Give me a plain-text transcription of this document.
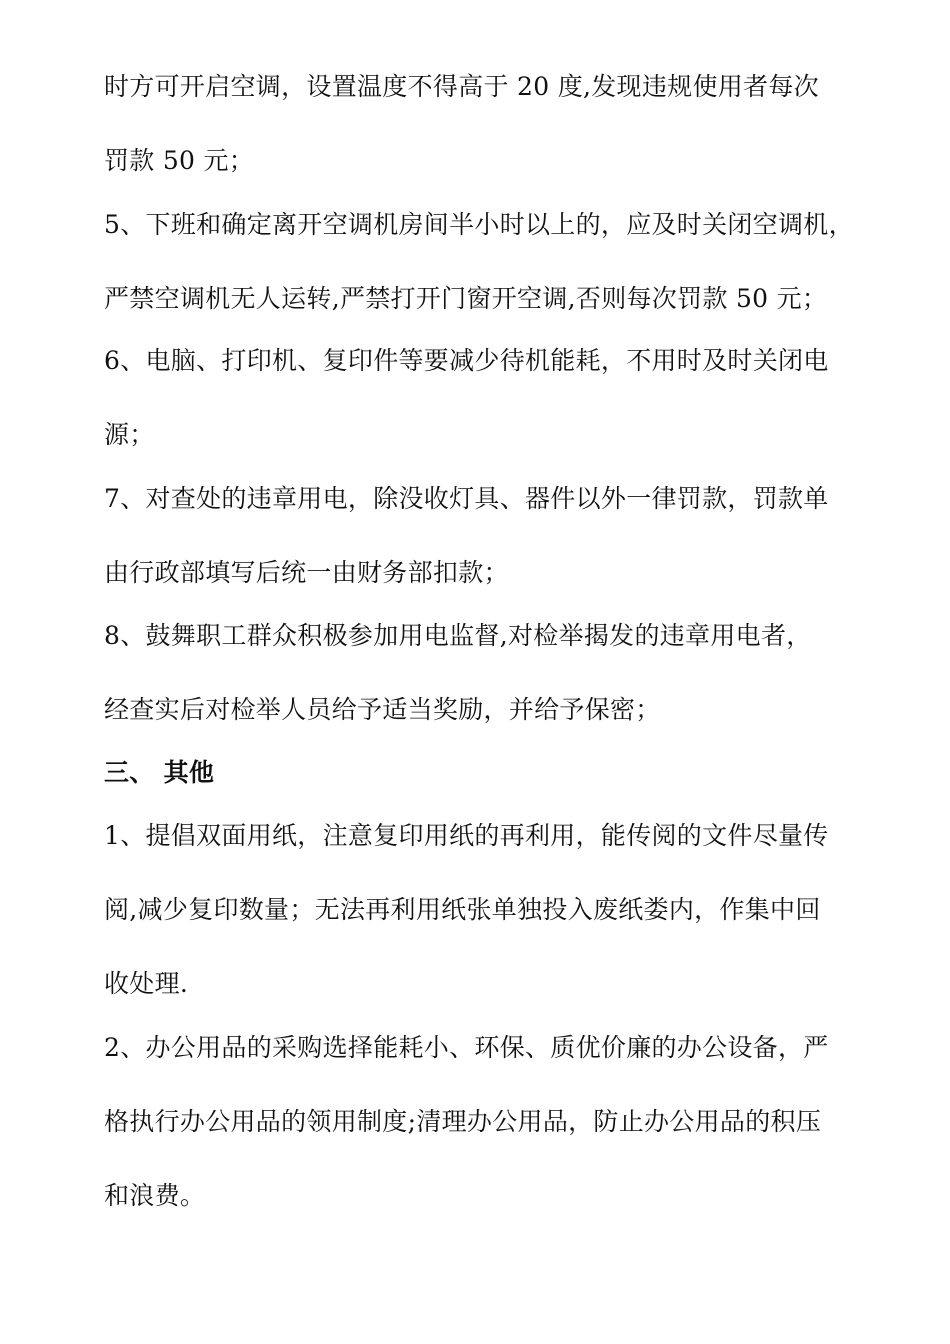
时方可开启空调，设置温度不得高于 20 度,发现违规使用者每次
罚款 50 元；
5、下班和确定离开空调机房间半小时以上的，应及时关闭空调机，
严禁空调机无人运转,严禁打开门窗开空调,否则每次罚款 50 元；
6、电脑、打印机、复印件等要减少待机能耗，不用时及时关闭电
源；
7、对查处的违章用电，除没收灯具、器件以外一律罚款，罚款单
由行政部填写后统一由财务部扣款；
8、鼓舞职工群众积极参加用电监督,对检举揭发的违章用电者，
经查实后对检举人员给予适当奖励，并给予保密；
三、 其他
1、提倡双面用纸，注意复印用纸的再利用，能传阅的文件尽量传
阅,减少复印数量；无法再利用纸张单独投入废纸娄内，作集中回
收处理.
2、办公用品的采购选择能耗小、环保、质优价廉的办公设备，严
格执行办公用品的领用制度;清理办公用品，防止办公用品的积压
和浪费。
